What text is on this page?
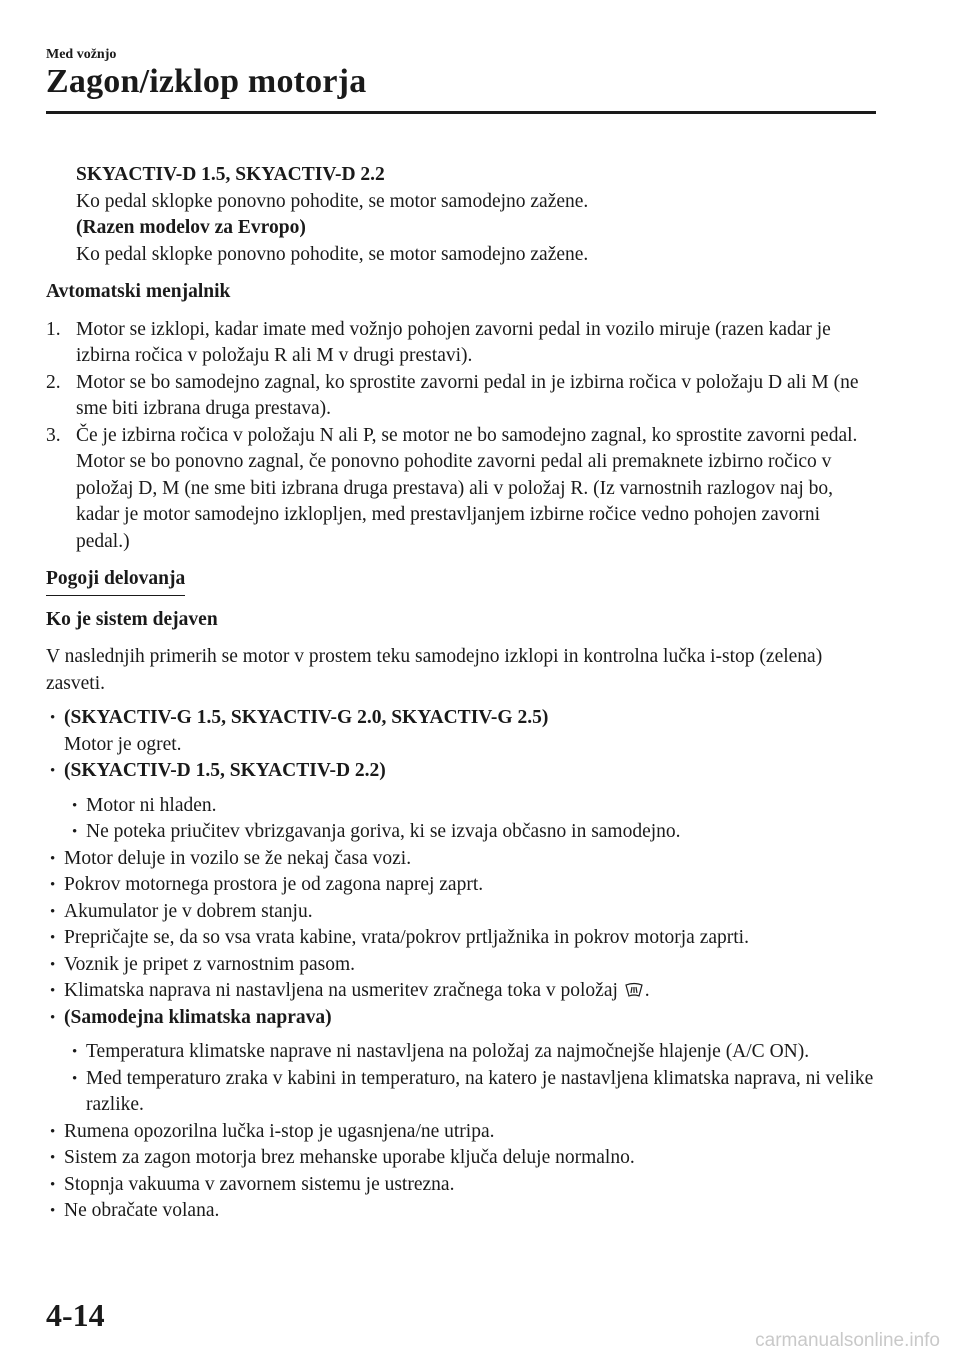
Med vožnjo
Zagon/izklop motorja

SKYACTIV-D 1.5, SKYACTIV-D 2.2

Ko pedal sklopke ponovno pohodite, se motor samodejno zažene.

(Razen modelov za Evropo)

Ko pedal sklopke ponovno pohodite, se motor samodejno zažene.

Avtomatski menjalnik

1. Motor se izklopi, kadar imate med vožnjo pohojen zavorni pedal in vozilo miruje (razen kadar je izbirna ročica v položaju R ali M v drugi prestavi).
2. Motor se bo samodejno zagnal, ko sprostite zavorni pedal in je izbirna ročica v položaju D ali M (ne sme biti izbrana druga prestava).
3. Če je izbirna ročica v položaju N ali P, se motor ne bo samodejno zagnal, ko sprostite zavorni pedal. Motor se bo ponovno zagnal, če ponovno pohodite zavorni pedal ali premaknete izbirno ročico v položaj D, M (ne sme biti izbrana druga prestava) ali v položaj R. (Iz varnostnih razlogov naj bo, kadar je motor samodejno izklopljen, med prestavljanjem izbirne ročice vedno pohojen zavorni pedal.)
Pogoji delovanja

Ko je sistem dejaven

V naslednjih primerih se motor v prostem teku samodejno izklopi in kontrolna lučka i-stop (zelena) zasveti.

• (SKYACTIV-G 1.5, SKYACTIV-G 2.0, SKYACTIV-G 2.5)
Motor je ogret.
• (SKYACTIV-D 1.5, SKYACTIV-D 2.2)
• Motor ni hladen.
• Ne poteka priučitev vbrizgavanja goriva, ki se izvaja občasno in samodejno.
• Motor deluje in vozilo se že nekaj časa vozi.
• Pokrov motornega prostora je od zagona naprej zaprt.
• Akumulator je v dobrem stanju.
• Prepričajte se, da so vsa vrata kabine, vrata/pokrov prtljažnika in pokrov motorja zaprti.
• Voznik je pripet z varnostnim pasom.
• Klimatska naprava ni nastavljena na usmeritev zračnega toka v položaj .
• (Samodejna klimatska naprava)
• Temperatura klimatske naprave ni nastavljena na položaj za najmočnejše hlajenje (A/C ON).
• Med temperaturo zraka v kabini in temperaturo, na katero je nastavljena klimatska naprava, ni velike razlike.
• Rumena opozorilna lučka i-stop je ugasnjena/ne utripa.
• Sistem za zagon motorja brez mehanske uporabe ključa deluje normalno.
• Stopnja vakuuma v zavornem sistemu je ustrezna.
• Ne obračate volana.
4-14
carmanualsonline.info
